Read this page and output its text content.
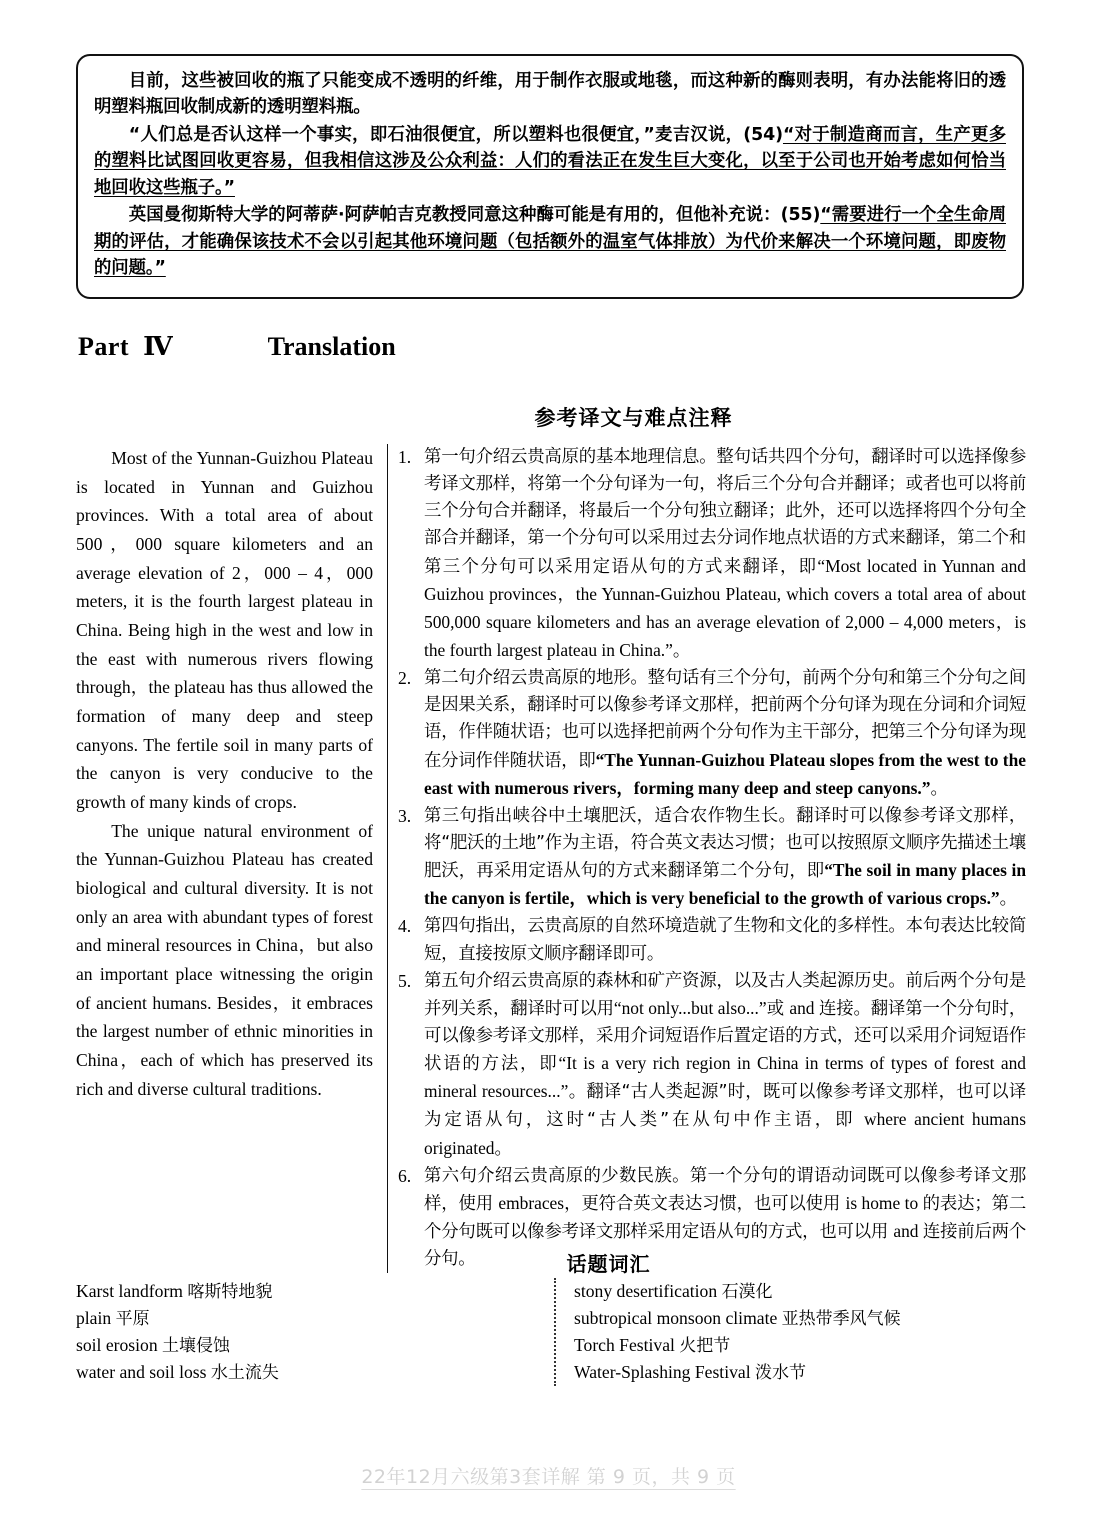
目前，这些被回收的瓶了只能变成不透明的纤维，用于制作衣服或地毯，而这种新的酶则表明，有办法能将旧的透明塑料瓶回收制成新的透明塑料瓶。

“人们总是否认这样一个事实，即石油很便宜，所以塑料也很便宜，”麦吉汉说，(54)“对于制造商而言，生产更多的塑料比试图回收更容易，但我相信这涉及公众利益：人们的看法正在发生巨大变化，以至于公司也开始考虑如何恰当地回收这些瓶子。”

英国曼彻斯特大学的阿蒂萨·阿萨帕吉克教授同意这种酶可能是有用的，但他补充说：(55)“需要进行一个全生命周期的评估，才能确保该技术不会以引起其他环境问题（包括额外的温室气体排放）为代价来解决一个环境问题，即废物的问题。”

Part Ⅳ	Translation
参考译文与难点注释

Most of the Yunnan-Guizhou Plateau is located in Yunnan and Guizhou provinces. With a total area of about 500，000 square kilometers and an average elevation of 2，000 – 4，000 meters, it is the fourth largest plateau in China. Being high in the west and low in the east with numerous rivers flowing through，the plateau has thus allowed the formation of many deep and steep canyons. The fertile soil in many parts of the canyon is very conducive to the growth of many kinds of crops.

The unique natural environment of the Yunnan-Guizhou Plateau has created biological and cultural diversity. It is not only an area with abundant types of forest and mineral resources in China，but also an important place witnessing the origin of ancient humans. Besides，it embraces the largest number of ethnic minorities in China，each of which has preserved its rich and diverse cultural traditions.

第一句介绍云贵高原的基本地理信息。整句话共四个分句，翻译时可以选择像参考译文那样，将第一个分句译为一句，将后三个分句合并翻译；或者也可以将前三个分句合并翻译，将最后一个分句独立翻译；此外，还可以选择将四个分句全部合并翻译，第一个分句可以采用过去分词作地点状语的方式来翻译，第二个和第三个分句可以采用定语从句的方式来翻译，即“Most located in Yunnan and Guizhou provinces，the Yunnan-Guizhou Plateau, which covers a total area of about 500,000 square kilometers and has an average elevation of 2,000 – 4,000 meters，is the fourth largest plateau in China.”。
第二句介绍云贵高原的地形。整句话有三个分句，前两个分句和第三个分句之间是因果关系，翻译时可以像参考译文那样，把前两个分句译为现在分词和介词短语，作伴随状语；也可以选择把前两个分句作为主干部分，把第三个分句译为现在分词作伴随状语，即“The Yunnan-Guizhou Plateau slopes from the west to the east with numerous rivers，forming many deep and steep canyons.”。
第三句指出峡谷中土壤肥沃，适合农作物生长。翻译时可以像参考译文那样，将“肥沃的土地”作为主语，符合英文表达习惯；也可以按照原文顺序先描述土壤肥沃，再采用定语从句的方式来翻译第二个分句，即“The soil in many places in the canyon is fertile，which is very beneficial to the growth of various crops.”。
第四句指出，云贵高原的自然环境造就了生物和文化的多样性。本句表达比较简短，直接按原文顺序翻译即可。
第五句介绍云贵高原的森林和矿产资源，以及古人类起源历史。前后两个分句是并列关系，翻译时可以用“not only...but also...”或 and 连接。翻译第一个分句时，可以像参考译文那样，采用介词短语作后置定语的方式，还可以采用介词短语作状语的方法，即“It is a very rich region in China in terms of types of forest and mineral resources...”。翻译“古人类起源”时，既可以像参考译文那样，也可以译为定语从句，这时“古人类”在从句中作主语，即 where ancient humans originated。
第六句介绍云贵高原的少数民族。第一个分句的谓语动词既可以像参考译文那样，使用 embraces，更符合英文表达习惯，也可以使用 is home to 的表达；第二个分句既可以像参考译文那样采用定语从句的方式，也可以用 and 连接前后两个分句。	话题词汇
Karst landform 喀斯特地貌
plain 平原
soil erosion 土壤侵蚀
water and soil loss 水土流失
stony desertification 石漠化
subtropical monsoon climate 亚热带季风气候
Torch Festival 火把节
Water-Splashing Festival 泼水节
22年12月六级第3套详解 第 9 页，共 9 页
